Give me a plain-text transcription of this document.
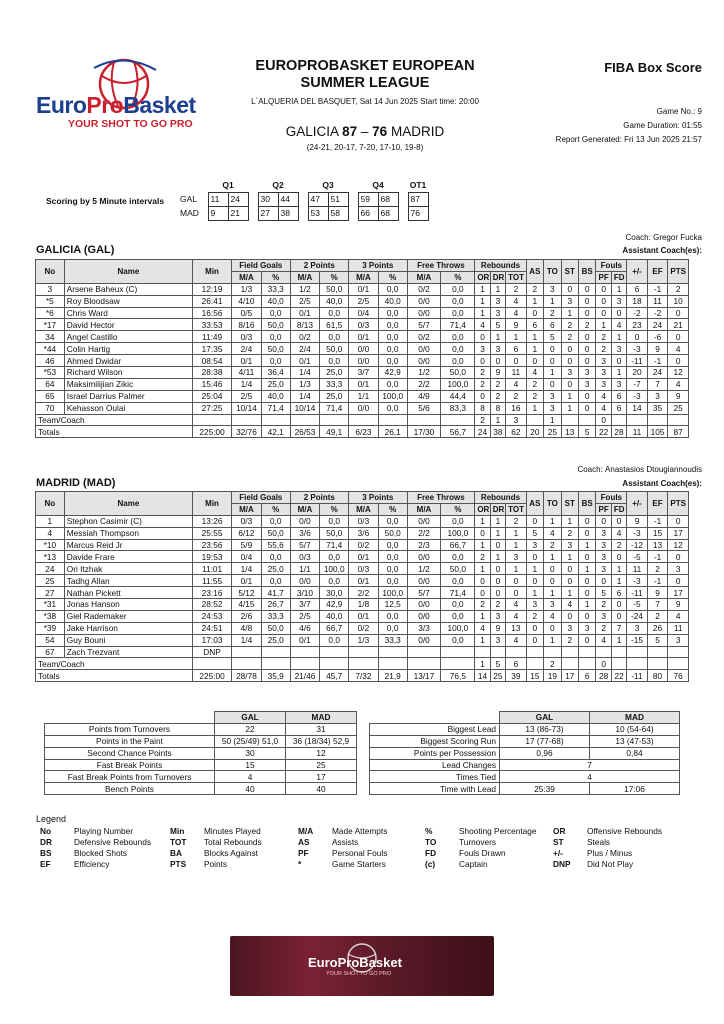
EuroProBasket
YOUR SHOT TO GO PRO
EUROPROBASKET EUROPEAN SUMMER LEAGUE
L`ALQUERIA DEL BASQUET, Sat 14 Jun 2025 Start time: 20:00
GALICIA 87 – 76 MADRID
(24-21, 20-17, 7-20, 17-10, 19-8)
FIBA Box Score
Game No.: 9
Game Duration: 01:55
Report Generated: Fri 13 Jun 2025 21:57
Scoring by 5 Minute intervals
	Q1			Q2			Q3			Q4			OT1
GAL	11	24		30	44		47	51		59	68		87
MAD	9	21		27	38		53	58		66	68		76
Coach: Gregor Fucka
GALICIA (GAL)	Assistant Coach(es):
No	Name	Min	Field Goals		2 Points		3 Points		Free Throws		Rebounds			AS	TO	ST	BS	Fouls		+/-	EF	PTS
			M/A	%	M/A	%	M/A	%	M/A	%	OR	DR	TOT					PF	FD			
3	Arsene Baheux (C)	12:19	1/3	33,3	1/2	50,0	0/1	0,0	0/2	0,0	1	1	2	2	3	0	0	0	1	6	-1	2
*5	Roy Bloodsaw	26:41	4/10	40,0	2/5	40,0	2/5	40,0	0/0	0,0	1	3	4	1	1	3	0	0	3	18	11	10
*6	Chris Ward	16:56	0/5	0,0	0/1	0,0	0/4	0,0	0/0	0,0	1	3	4	0	2	1	0	0	0	-2	-2	0
*17	David Hector	33:53	8/16	50,0	8/13	61,5	0/3	0,0	5/7	71,4	4	5	9	6	6	2	2	1	4	23	24	21
34	Angel Castillo	11:49	0/3	0,0	0/2	0,0	0/1	0,0	0/2	0,0	0	1	1	1	5	2	0	2	1	0	-6	0
*44	Colin Hartig	17:35	2/4	50,0	2/4	50,0	0/0	0,0	0/0	0,0	3	3	6	1	0	0	0	2	3	-3	9	4
46	Ahmed Dwidar	08:54	0/1	0,0	0/1	0,0	0/0	0,0	0/0	0,0	0	0	0	0	0	0	0	3	0	-11	-1	0
*53	Richard Wilson	28:38	4/11	36,4	1/4	25,0	3/7	42,9	1/2	50,0	2	9	11	4	1	3	3	3	1	20	24	12
64	Maksimilijian Zikic	15:46	1/4	25,0	1/3	33,3	0/1	0,0	2/2	100,0	2	2	4	2	0	0	3	3	3	-7	7	4
65	Israel Darrius Palmer	25:04	2/5	40,0	1/4	25,0	1/1	100,0	4/9	44,4	0	2	2	2	3	1	0	4	6	-3	3	9
70	Kehasson Oulai	27:25	10/14	71,4	10/14	71,4	0/0	0,0	5/6	83,3	8	8	16	1	3	1	0	4	6	14	35	25
Team/Coach											2	1	3		1			0				
Totals		225:00	32/76	42,1	26/53	49,1	6/23	26,1	17/30	56,7	24	38	62	20	25	13	5	22	28	11	105	87
Coach: Anastasios Dtougiannoudis
MADRID (MAD)	Assistant Coach(es):
No	Name	Min	Field Goals		2 Points		3 Points		Free Throws		Rebounds			AS	TO	ST	BS	Fouls		+/-	EF	PTS
			M/A	%	M/A	%	M/A	%	M/A	%	OR	DR	TOT					PF	FD			
1	Stephon Casimir (C)	13:26	0/3	0,0	0/0	0,0	0/3	0,0	0/0	0,0	1	1	2	0	1	1	0	0	0	9	-1	0
4	Messiah Thompson	25:55	6/12	50,0	3/6	50,0	3/6	50,0	2/2	100,0	0	1	1	5	4	2	0	3	4	-3	15	17
*10	Marcus Reid Jr	23:56	5/9	55,6	5/7	71,4	0/2	0,0	2/3	66,7	1	0	1	3	2	3	1	3	2	-12	13	12
*13	Davide Frare	19:53	0/4	0,0	0/3	0,0	0/1	0,0	0/0	0,0	2	1	3	0	1	1	0	3	0	-5	-1	0
24	Ori Itzhak	11:01	1/4	25,0	1/1	100,0	0/3	0,0	1/2	50,0	1	0	1	1	0	0	1	3	1	11	2	3
25	Tadhg Allan	11:55	0/1	0,0	0/0	0,0	0/1	0,0	0/0	0,0	0	0	0	0	0	0	0	0	1	-3	-1	0
27	Nathan Pickett	23:16	5/12	41,7	3/10	30,0	2/2	100,0	5/7	71,4	0	0	0	1	1	1	0	5	6	-11	9	17
*31	Jonas Hanson	28:52	4/15	26,7	3/7	42,9	1/8	12,5	0/0	0,0	2	2	4	3	3	4	1	2	0	-5	7	9
*38	Giel Rademaker	24:53	2/6	33,3	2/5	40,0	0/1	0,0	0/0	0,0	1	3	4	2	4	0	0	3	0	-24	2	4
*39	Jake Harrison	24:51	4/8	50,0	4/6	66,7	0/2	0,0	3/3	100,0	4	9	13	0	0	3	3	2	7	3	26	11
54	Guy Bouni	17:03	1/4	25,0	0/1	0,0	1/3	33,3	0/0	0,0	1	3	4	0	1	2	0	4	1	-15	5	3
67	Zach Trezvant	DNP																				
Team/Coach											1	5	6		2			0				
Totals		225:00	28/78	35,9	21/46	45,7	7/32	21,9	13/17	76,5	14	25	39	15	19	17	6	28	22	-11	80	76
	GAL	MAD
Points from Turnovers	22	31
Points in the Paint	50 (25/49) 51,0	36 (18/34) 52,9
Second Chance Points	30	12
Fast Break Points	15	25
Fast Break Points from Turnovers	4	17
Bench Points	40	40
	GAL	MAD
Biggest Lead	13 (86-73)	10 (54-64)
Biggest Scoring Run	17 (77-68)	13 (47-53)
Points per Possession	0,96	0,84
Lead Changes	7	
Times Tied	4	
Time with Lead	25:39	17:06
Legend
No	Playing Number
DR	Defensive Rebounds
BS	Blocked Shots
EF	Efficiency
Min Minutes Played
TOT Total Rebounds
BA	Blocks Against
PTS Points
M/A Made Attempts
AS	Assists
PF	Personal Fouls
*	Game Starters
%	Shooting Percentage
TO	Turnovers
FD	Fouls Drawn
(c)	Captain
OR	Offensive Rebounds
ST	Steals
+/-	Plus / Minus
DNP Did Not Play
EuroProBasket
YOUR SHOT TO GO PRO
